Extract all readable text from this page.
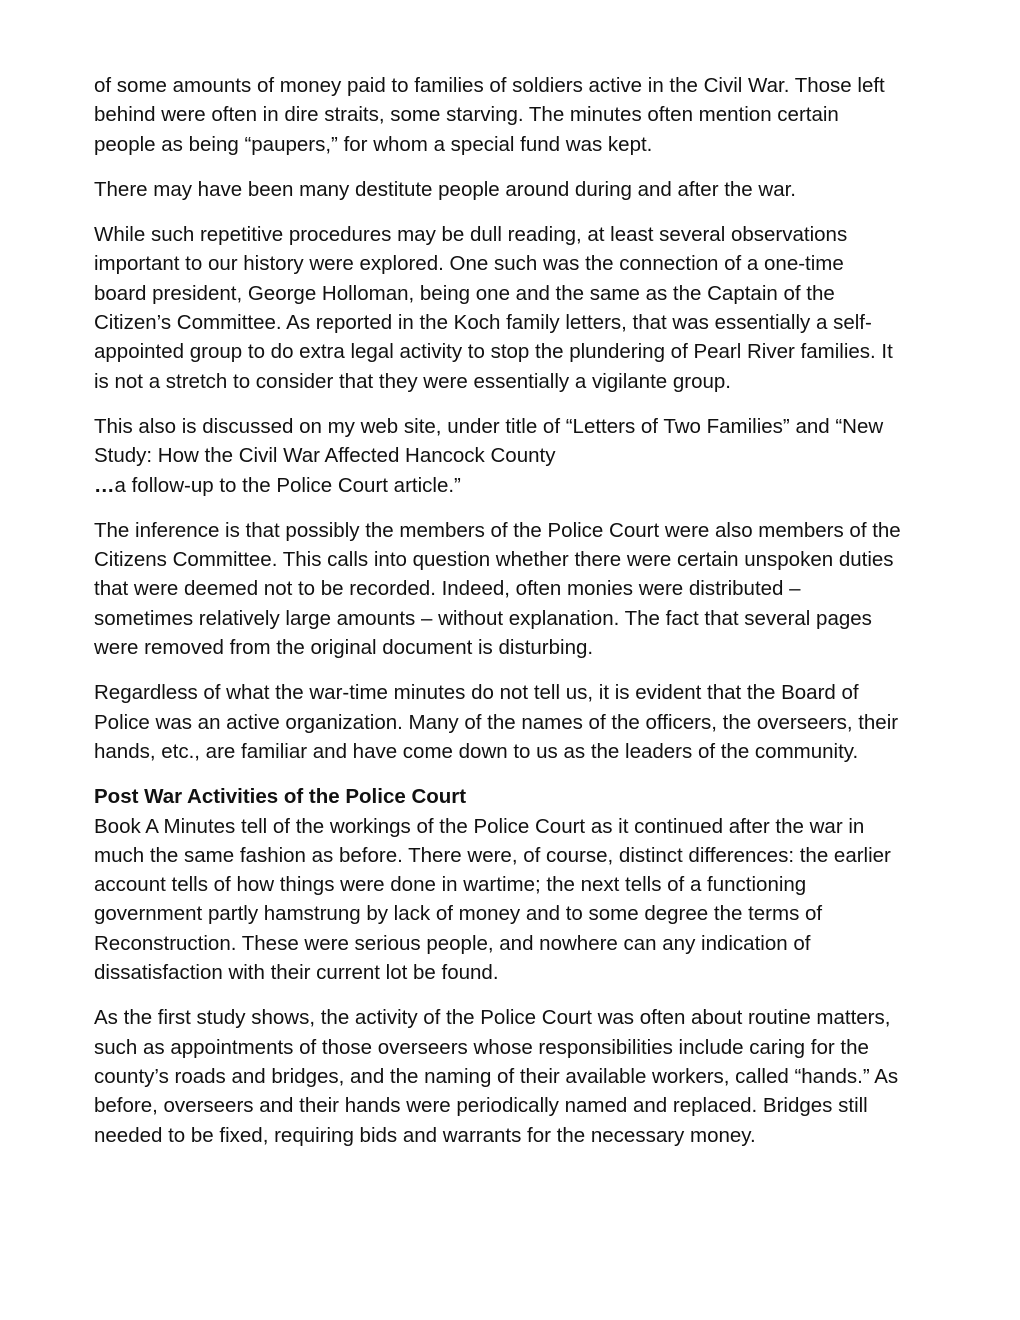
of some amounts of money paid to families of soldiers active in the Civil War. Those left
behind were often in dire straits, some starving. The minutes often mention certain
people as being “paupers,” for whom a special fund was kept.

There may have been many destitute people around during and after the war.

While such repetitive procedures may be dull reading, at least several observations
important to our history were explored. One such was the connection of a one-time
board president, George Holloman, being one and the same as the Captain of the
Citizen’s Committee. As reported in the Koch family letters, that was essentially a self-
appointed group to do extra legal activity to stop the plundering of Pearl River families. It
is not a stretch to consider that they were essentially a vigilante group.

This also is discussed on my web site, under title of “Letters of Two Families” and “New
Study: How the Civil War Affected Hancock County
…a follow-up to the Police Court article.”

The inference is that possibly the members of the Police Court were also members of the
Citizens Committee. This calls into question whether there were certain unspoken duties
that were deemed not to be recorded. Indeed, often monies were distributed –
sometimes relatively large amounts – without explanation. The fact that several pages
were removed from the original document is disturbing.

Regardless of what the war-time minutes do not tell us, it is evident that the Board of
Police was an active organization. Many of the names of the officers, the overseers, their
hands, etc., are familiar and have come down to us as the leaders of the community.

Post War Activities of the Police Court
Book A Minutes tell of the workings of the Police Court as it continued after the war in
much the same fashion as before. There were, of course, distinct differences: the earlier
account tells of how things were done in wartime; the next tells of a functioning
government partly hamstrung by lack of money and to some degree the terms of
Reconstruction. These were serious people, and nowhere can any indication of
dissatisfaction with their current lot be found.

As the first study shows, the activity of the Police Court was often about routine matters,
such as appointments of those overseers whose responsibilities include caring for the
county’s roads and bridges, and the naming of their available workers, called “hands.” As
before, overseers and their hands were periodically named and replaced. Bridges still
needed to be fixed, requiring bids and warrants for the necessary money.
